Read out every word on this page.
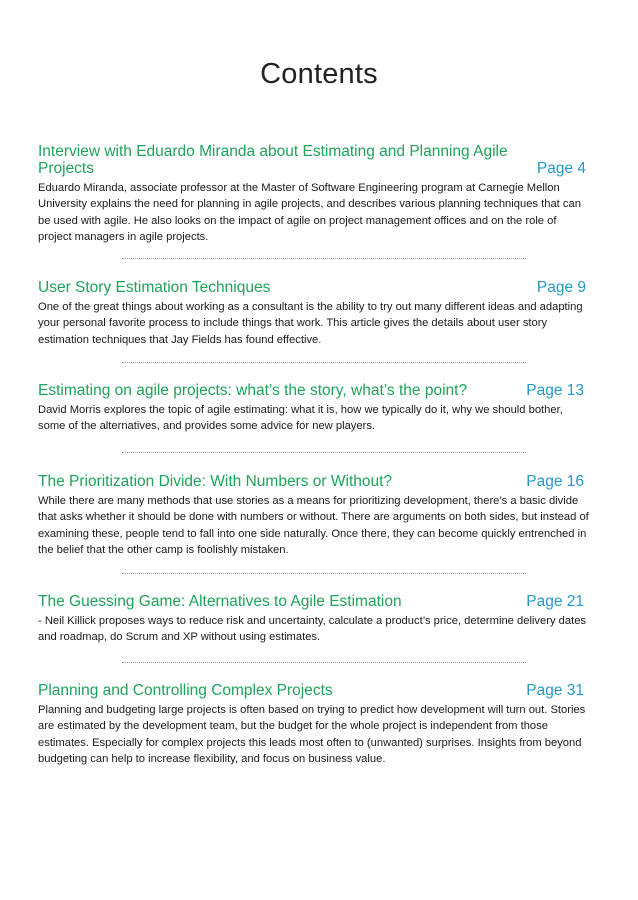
Contents
Interview with Eduardo Miranda about Estimating and Planning Agile Projects	Page 4
Eduardo Miranda, associate professor at the Master of Software Engineering program at Carnegie Mellon University explains the need for planning in agile projects, and describes various planning techniques that can be used with agile. He also looks on the impact of agile on project management offices and on the role of project managers in agile projects.
User Story Estimation Techniques	Page 9
One of the great things about working as a consultant is the ability to try out many different ideas and adapting your personal favorite process to include things that work. This article gives the details about user story estimation techniques that Jay Fields has found effective.
Estimating on agile projects: what’s the story, what’s the point?	Page 13
David Morris explores the topic of agile estimating: what it is, how we typically do it, why we should bother, some of the alternatives, and provides some advice for new players.
The Prioritization Divide: With Numbers or Without?	Page 16
While there are many methods that use stories as a means for prioritizing development, there’s a basic divide that asks whether it should be done with numbers or without. There are arguments on both sides, but instead of examining these, people tend to fall into one side naturally. Once there, they can become quickly entrenched in the belief that the other camp is foolishly mistaken.
The Guessing Game: Alternatives to Agile Estimation	Page 21
- Neil Killick proposes ways to reduce risk and uncertainty, calculate a product’s price, determine delivery dates and roadmap, do Scrum and XP without using estimates.
Planning and Controlling Complex Projects	Page 31
Planning and budgeting large projects is often based on trying to predict how development will turn out. Stories are estimated by the development team, but the budget for the whole project is independent from those estimates. Especially for complex projects this leads most often to (unwanted) surprises. Insights from beyond budgeting can help to increase flexibility, and focus on business value.
